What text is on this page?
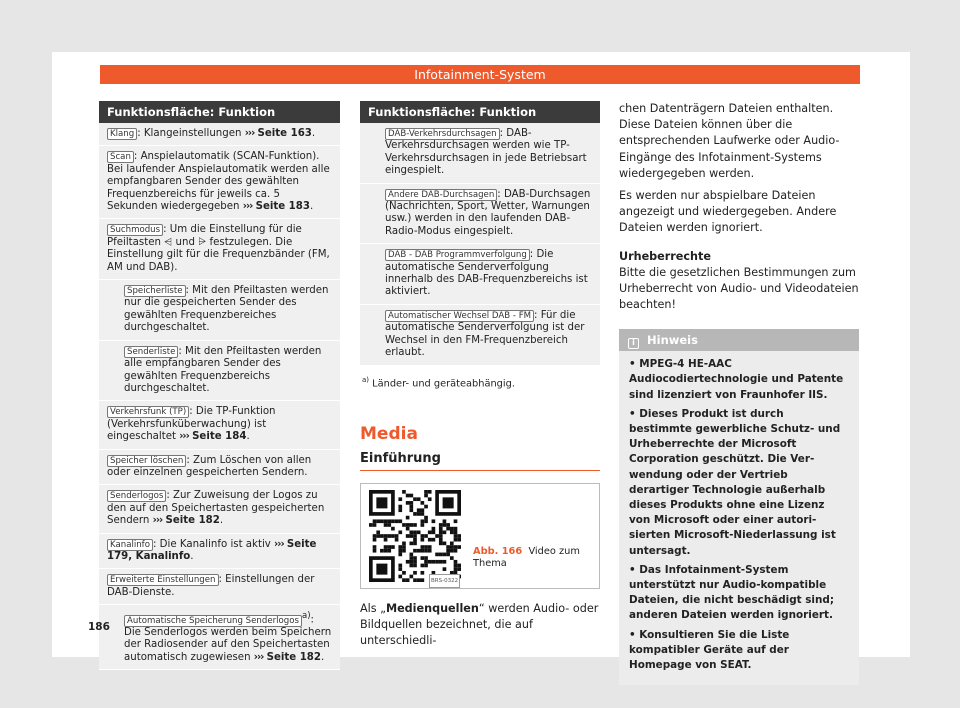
Infotainment-System
Funktionsfläche: Funktion
Klang : Klangeinstellungen ››› Seite 163.
Scan : Anspielautomatik (SCAN-Funktion). Bei laufender Anspielautomatik werden alle empfangbaren Sender des gewählten Frequenzbereichs für jeweils ca. 5 Sekunden wiedergegeben ››› Seite 183.
Suchmodus : Um die Einstellung für die Pfeiltasten ⩤ und ⩥ festzulegen. Die Einstellung gilt für die Frequenzbänder (FM, AM und DAB).
Speicherliste : Mit den Pfeiltasten werden nur die gespeicherten Sender des gewählten Frequenzbereiches durchgeschaltet.
Senderliste : Mit den Pfeiltasten werden alle empfangbaren Sender des gewählten Frequenzbereichs durchgeschaltet.
Verkehrsfunk (TP) : Die TP-Funktion (Verkehrsfunküberwachung) ist eingeschaltet ››› Seite 184.
Speicher löschen : Zum Löschen von allen oder einzelnen gespeicherten Sendern.
Senderlogos : Zur Zuweisung der Logos zu den auf den Speichertasten gespeicherten Sendern ››› Seite 182.
Kanalinfo : Die Kanalinfo ist aktiv ››› Seite 179, Kanalinfo.
Erweiterte Einstellungen : Einstellungen der DAB-Dienste.
Automatische Speicherung Senderlogos $^{a)}$: Die Senderlogos werden beim Speichern der Radiosender auf den Speichertasten automatisch zugewiesen ››› Seite 182.
Funktionsfläche: Funktion
DAB-Verkehrsdurchsagen : DAB-Verkehrsdurchsagen werden wie TP-Verkehrsdurchsagen in jede Betriebsart eingespielt.
Andere DAB-Durchsagen : DAB-Durchsagen (Nachrichten, Sport, Wetter, Warnungen usw.) werden in den laufenden DAB-Radio-Modus eingespielt.
DAB - DAB Programmverfolgung : Die automatische Senderverfolgung innerhalb des DAB-Frequenzbereichs ist aktiviert.
Automatischer Wechsel DAB - FM : Für die automatische Senderverfolgung ist der Wechsel in den FM-Frequenzbereich erlaubt.
$^{a)}$ Länder- und geräteabhängig.
Media
Einführung
BRS-0322
Abb. 166 Video zum Thema

Als „Medienquellen“ werden Audio- oder Bildquellen bezeichnet, die auf unterschiedli-

chen Datenträgern Dateien enthalten. Diese Dateien können über die entsprechenden Laufwerke oder Audio-Eingänge des Infotainment-Systems wiedergegeben werden.

Es werden nur abspielbare Dateien angezeigt und wiedergegeben. Andere Dateien werden ignoriert.

Urheberrechte

Bitte die gesetzlichen Bestimmungen zum Urheberrecht von Audio- und Videodateien beachten!

i Hinweis

• MPEG-4 HE-AAC Audiocodiertechnologie und Patente sind lizenziert von Fraunhofer IIS.

• Dieses Produkt ist durch bestimmte gewerbliche Schutz- und Urheberrechte der Microsoft Corporation geschützt. Die Verwendung oder der Vertrieb derartiger Technologie außerhalb dieses Produkts ohne eine Lizenz von Microsoft oder einer autorisierten Microsoft-Niederlassung ist untersagt.

• Das Infotainment-System unterstützt nur Audio-kompatible Dateien, die nicht beschädigt sind; anderen Dateien werden ignoriert.

• Konsultieren Sie die Liste kompatibler Geräte auf der Homepage von SEAT.

186
